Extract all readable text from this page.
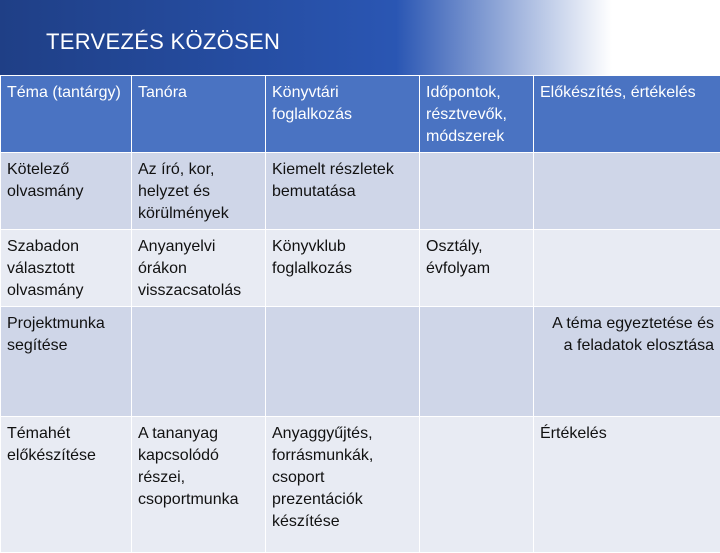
TERVEZÉS KÖZÖSEN
Téma (tantárgy)	Tanóra	Könyvtári foglalkozás	Időpontok, résztvevők, módszerek	Előkészítés, értékelés
Kötelező olvasmány	Az író, kor, helyzet és körülmények	Kiemelt részletek bemutatása		
Szabadon választott olvasmány	Anyanyelvi órákon visszacsatolás	Könyvklub foglalkozás	Osztály, évfolyam	
Projektmunka segítése				A téma egyeztetése és a feladatok elosztása
Témahét előkészítése	A tananyag kapcsolódó részei, csoportmunka	Anyaggyűjtés, forrásmunkák, csoport prezentációk készítése		Értékelés
